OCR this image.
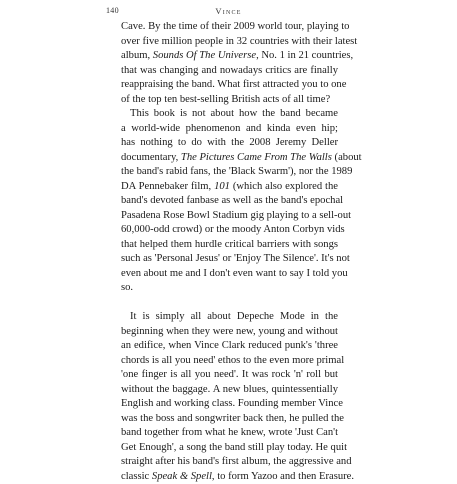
140	Vince
Cave. By the time of their 2009 world tour, playing to
over five million people in 32 countries with their latest
album, Sounds Of The Universe, No. 1 in 21 countries,
that was changing and nowadays critics are finally
reappraising the band. What first attracted you to one
of the top ten best-selling British acts of all time?
This book is not about how the band became
a world-wide phenomenon and kinda even hip;
has nothing to do with the 2008 Jeremy Deller
documentary, The Pictures Came From The Walls (about
the band's rabid fans, the 'Black Swarm'), nor the 1989
DA Pennebaker film, 101 (which also explored the
band's devoted fanbase as well as the band's epochal
Pasadena Rose Bowl Stadium gig playing to a sell-out
60,000-odd crowd) or the moody Anton Corbyn vids
that helped them hurdle critical barriers with songs
such as 'Personal Jesus' or 'Enjoy The Silence'. It's not
even about me and I don't even want to say I told you
so.
It is simply all about Depeche Mode in the
beginning when they were new, young and without
an edifice, when Vince Clark reduced punk's 'three
chords is all you need' ethos to the even more primal
'one finger is all you need'. It was rock 'n' roll but
without the baggage. A new blues, quintessentially
English and working class. Founding member Vince
was the boss and songwriter back then, he pulled the
band together from what he knew, wrote 'Just Can't
Get Enough', a song the band still play today. He quit
straight after his band's first album, the aggressive and
classic Speak & Spell, to form Yazoo and then Erasure.
